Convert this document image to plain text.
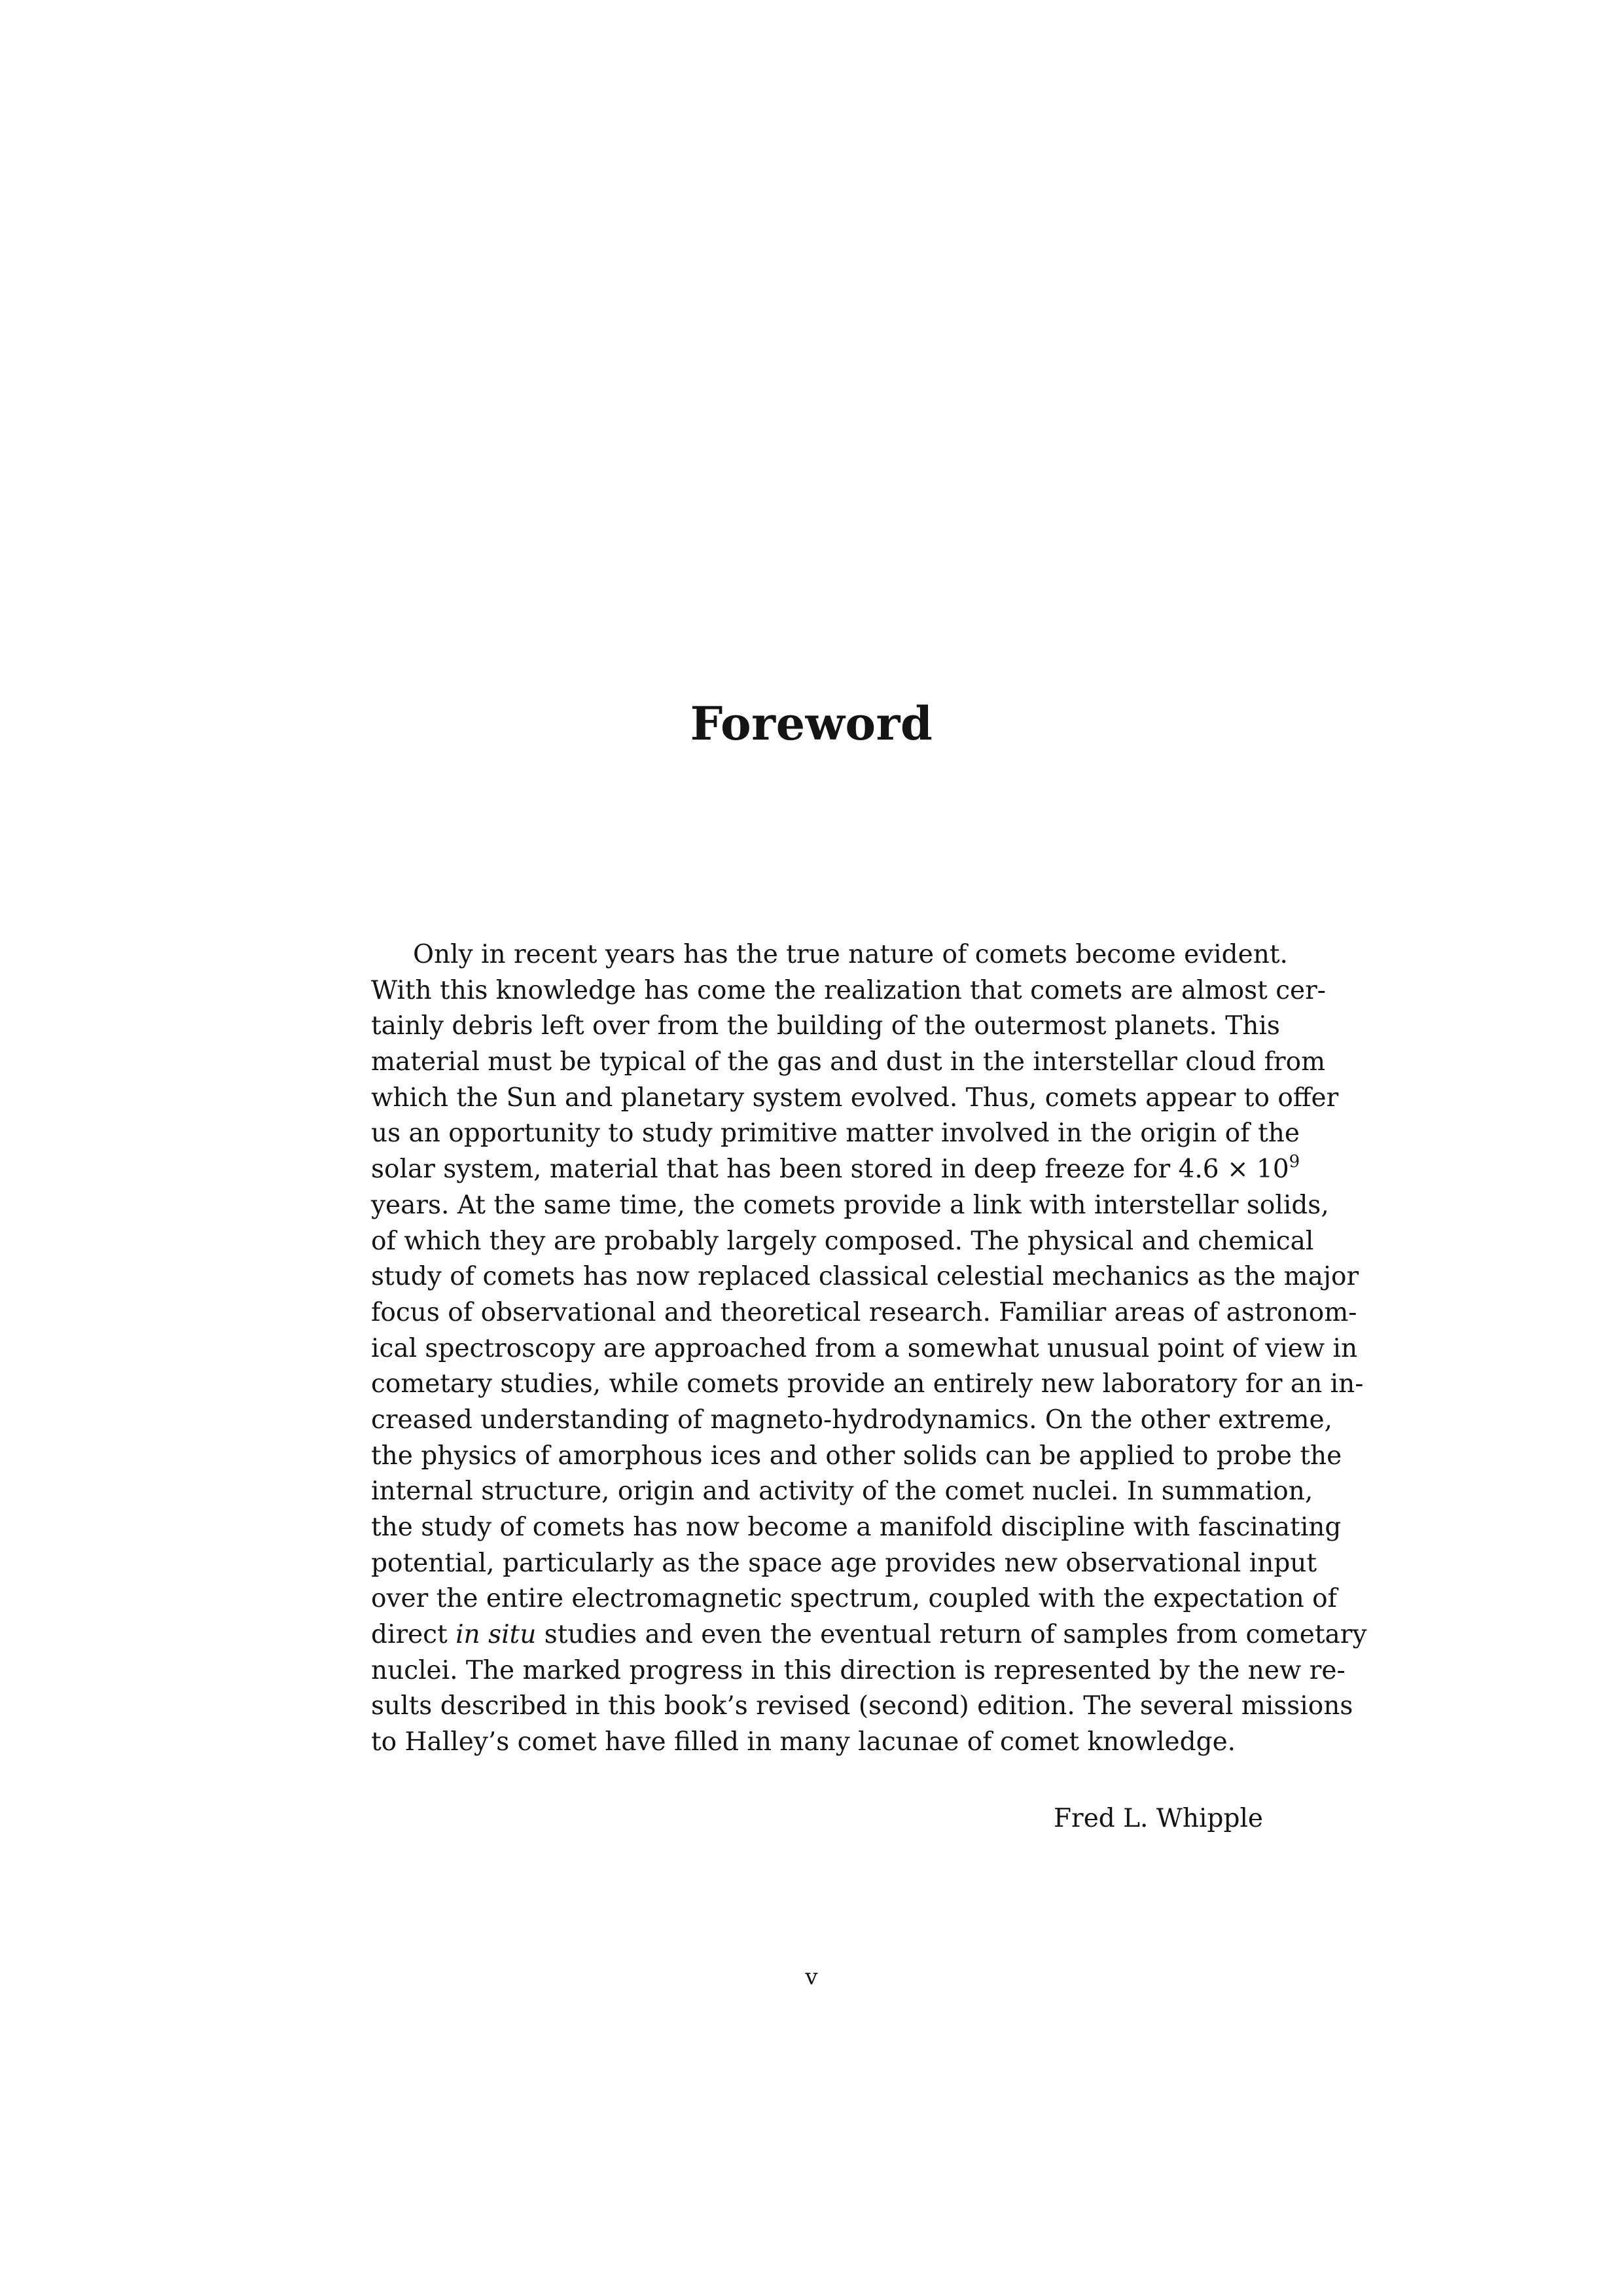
Foreword
Only in recent years has the true nature of comets become evident.
With this knowledge has come the realization that comets are almost cer-
tainly debris left over from the building of the outermost planets. This
material must be typical of the gas and dust in the interstellar cloud from
which the Sun and planetary system evolved. Thus, comets appear to offer
us an opportunity to study primitive matter involved in the origin of the
solar system, material that has been stored in deep freeze for $4.6 \times 10^9$
years. At the same time, the comets provide a link with interstellar solids,
of which they are probably largely composed. The physical and chemical
study of comets has now replaced classical celestial mechanics as the major
focus of observational and theoretical research. Familiar areas of astronom-
ical spectroscopy are approached from a somewhat unusual point of view in
cometary studies, while comets provide an entirely new laboratory for an in-
creased understanding of magneto-hydrodynamics. On the other extreme,
the physics of amorphous ices and other solids can be applied to probe the
internal structure, origin and activity of the comet nuclei. In summation,
the study of comets has now become a manifold discipline with fascinating
potential, particularly as the space age provides new observational input
over the entire electromagnetic spectrum, coupled with the expectation of
direct in situ studies and even the eventual return of samples from cometary
nuclei. The marked progress in this direction is represented by the new re-
sults described in this book’s revised (second) edition. The several missions
to Halley’s comet have filled in many lacunae of comet knowledge.

Fred L. Whipple

v
